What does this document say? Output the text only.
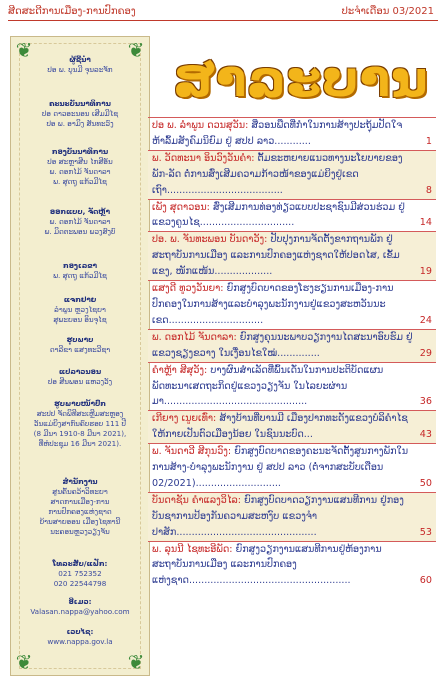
ສີດສະດີການເມືອງ-ການປົກຄອງ	ປະຈຳເດືອນ 03/2021
❦	❦
❦	❦
ຜູ້ຊີ້ນຳ
ປອ ພ. ບຸນມີ ຈຸນລະຈັກ
ຄະນະບັນນາທິການ
ປອ ດາວອະນອນ ເສີມມີໄຊ
ປອ ພ. ອາມິງ ສັນທະວົງ
ກອງບັນນາທິການ
ປອ ສະຫຼາສີນ ໄກສີອັນ
ພ. ດອກໄມ້ ຈັນດາລາ
ພ. ສຸດຖູ ແກ້ວມີໄຊ
ອອກແບບ, ຈັດຫຼ້າ
ພ. ດອກໄມ້ ຈັນດາລາ
ພ. ມິດຕະພອນ ພວງສົງບົ
ກອງເລຂາ
ພ. ສຸດຖູ ແກ້ວມີໄຊ
ແຈກຢາຍ
ລຳພູນ ຫຼວງໄຊຍາ
ສຸພະຍອນ ອິນຈຸໄຊ
ຮູບພາບ
ດາລີຂາ ແສງທະວີຊາ
ແປລາວນອນ
ປອ ສີນພອນ ແຫວງວັງ
ຮູບພາບໜ້າປົກ
ສະປປ ຈັດພິທີສະເຫຼີມສະຫຼອງ
ວັນແມ່ຍິງສາກົນຄົບຮອບ 111 ປີ
(8 ມີນາ 1910-8 ມີນາ 2021),
ທີ່ຫໍປະຊຸມ 16 ມີນາ 2021).
ສຳນັກງານ
ສູນຄົ້ນຄວ້າວິທະຍາ
ສາດການເມືອງ-ການ
ການປົກຄອງແຫ່ງຊາດ
ບ້ານສາຍອອນ ເມືອງໄຊທານີ
ນະຄອນຫຼວງວຽງຈັນ
ໂທລະສັບ/ແຟັກ:
021 752352
020 22544798
ອີເມວ:
Valasan.nappa@yahoo.com
ເວບໄຊ:
www.nappa.gov.la
ສາລະບານ
ປອ ພ. ລຳພູນ ດວນສຸວັນ: ສີ່ວອນພືດທີ່ກຳໃນການສ້າງປະຖຸ້ມປັດໃຈຫ້າລົ້ມສັງຄົມນິຍົມ ຢູ່ ສປປ ລາວ............	1
ພ. ວັດທະນາ ອິນວົງວັນຄຳ: ຕັ້ມຂະຫຍາຍແນວທາງນະໂຍບາຍຂອງພັກ-ລັດ ຕໍ່ການສົ່ງເສີມຄວາມກ້າວໜ້າຂອງແມ່ຍິງຢູ່ເຂດເຖົາ......................................	8
ເພັງ ສຸດາວອນ: ສົ່ງເສີມການທ່ອງທ່ຽວແບບປະຊາຊົນມີສ່ວນຮ່ວມ ຢູ່ແຂວງຄູນໄຊ...............................	14
ປອ. ພ. ຈັນທະພອນ ບັນດາວັງ: ປັບປຸງການຈັດຕັ້ງຂາກຖານພັກ ຢູ່ສະຖາບັນການເມືອງ ແລະການປົກຄອງແຫ່ງຊາດໃຫ້ປອດໄສ, ເຂັ້ມແຂງ, ໜັກແໜ້ນ...................	19
ແສງດີ ທູວງວັນຍາ: ຍົກສູງບົດບາດຂອງໂຮງຮຽນການເມືອງ-ການປົກຄອງໃນການສ້າງແລະບຳລຸງພະນັກງານຢູ່ແຂວງສະຫວັນນະເຂດ...............................	24
ພ. ດອກໄມ້ ຈັນດາລາ: ຍົກສູງຄຸນນະພາບວຽກງານໄດສະນາອົບຮົມ ຢູ່ແຂວງຊຽງຂວາງ ໃນເງື່ອນໄຂໃໝ່..............	29
ຄຳຫຼ້າ ສີສຸວັງ: ບາງຜົນສຳເລັດທີ່ພົ້ນເດັ່ນໃນການປະຕິບັດແຜນພັດທະນາເສດຖະກິດຢູ່ແຂວງວຽງຈັນ ໃນໄລຍະຜ່ານມາ...............................................	36
ເກີຍາງ ເນູຍເທົ່າ: ສ້າງບ້ານທີ່ບານມີ ເມືອງປາກທະດັງແຂວງບໍລິຄຳໄຊ ໃຫ້ກາຍເປັນຕົວເມືອງນ້ອຍ ໃນຊົນນະບົດ...	43
ພ. ຈັນດາວີ ສີກຸນວົງ: ຍົກສູງບົດບາດຂອງຄະນະຈັດຕັ້ງສູນກາງພັກໃນການສ້າງ-ບຳລຸງພະນັກງານ ຢູ່ ສປປ ລາວ (ຕໍ່ຈາກສະບັບເດືອນ 02/2021)............................	50
ບັນດາຊັນ ຄຳແລງວິໄລ: ຍົກສູງບົດບາດວຽກງານແສນທີການ ຢູ່ກອງບັນຊາການປ້ອງກັນຄວາມສະຫງົບ ແຂວງຈຳປາສັກ..............................................	53
ພ. ລຸນນີ ໄຊທະອີພັດ: ຍົກສູງວຽກງານແສນທີການຢູ່ຫ້ອງການ ສະຖາບັນການເມືອງ ແລະການປົກຄອງແຫ່ງຊາດ.....................................................	60
